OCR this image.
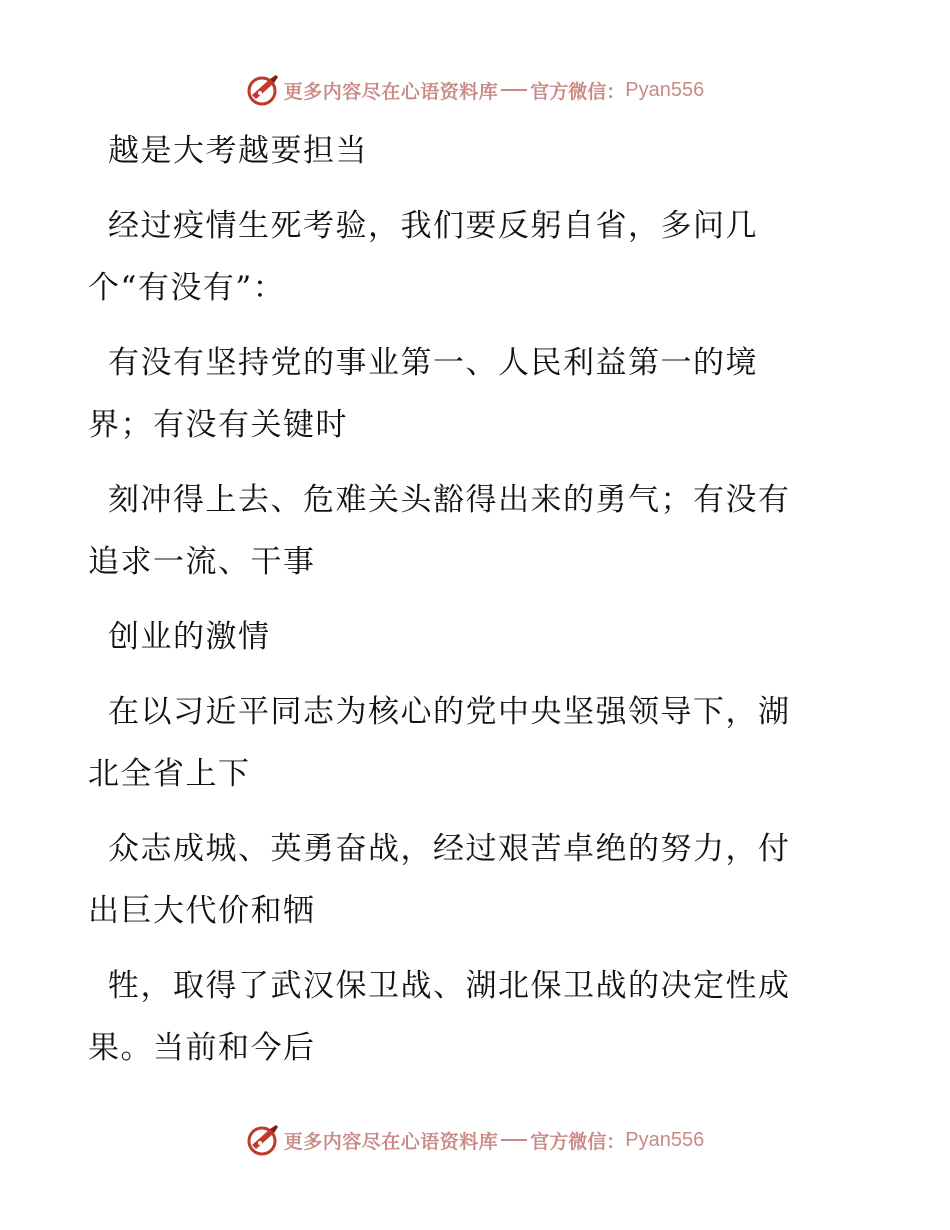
更多内容尽在心语资料库 官方微信： Pyan556

越是大考越要担当

经过疫情生死考验，我们要反躬自省，多问几
个“有没有”：

有没有坚持党的事业第一、人民利益第一的境
界；有没有关键时

刻冲得上去、危难关头豁得出来的勇气；有没有
追求一流、干事

创业的激情

在以习近平同志为核心的党中央坚强领导下，湖
北全省上下

众志成城、英勇奋战，经过艰苦卓绝的努力，付
出巨大代价和牺

牲，取得了武汉保卫战、湖北保卫战的决定性成
果。当前和今后

更多内容尽在心语资料库 官方微信： Pyan556
